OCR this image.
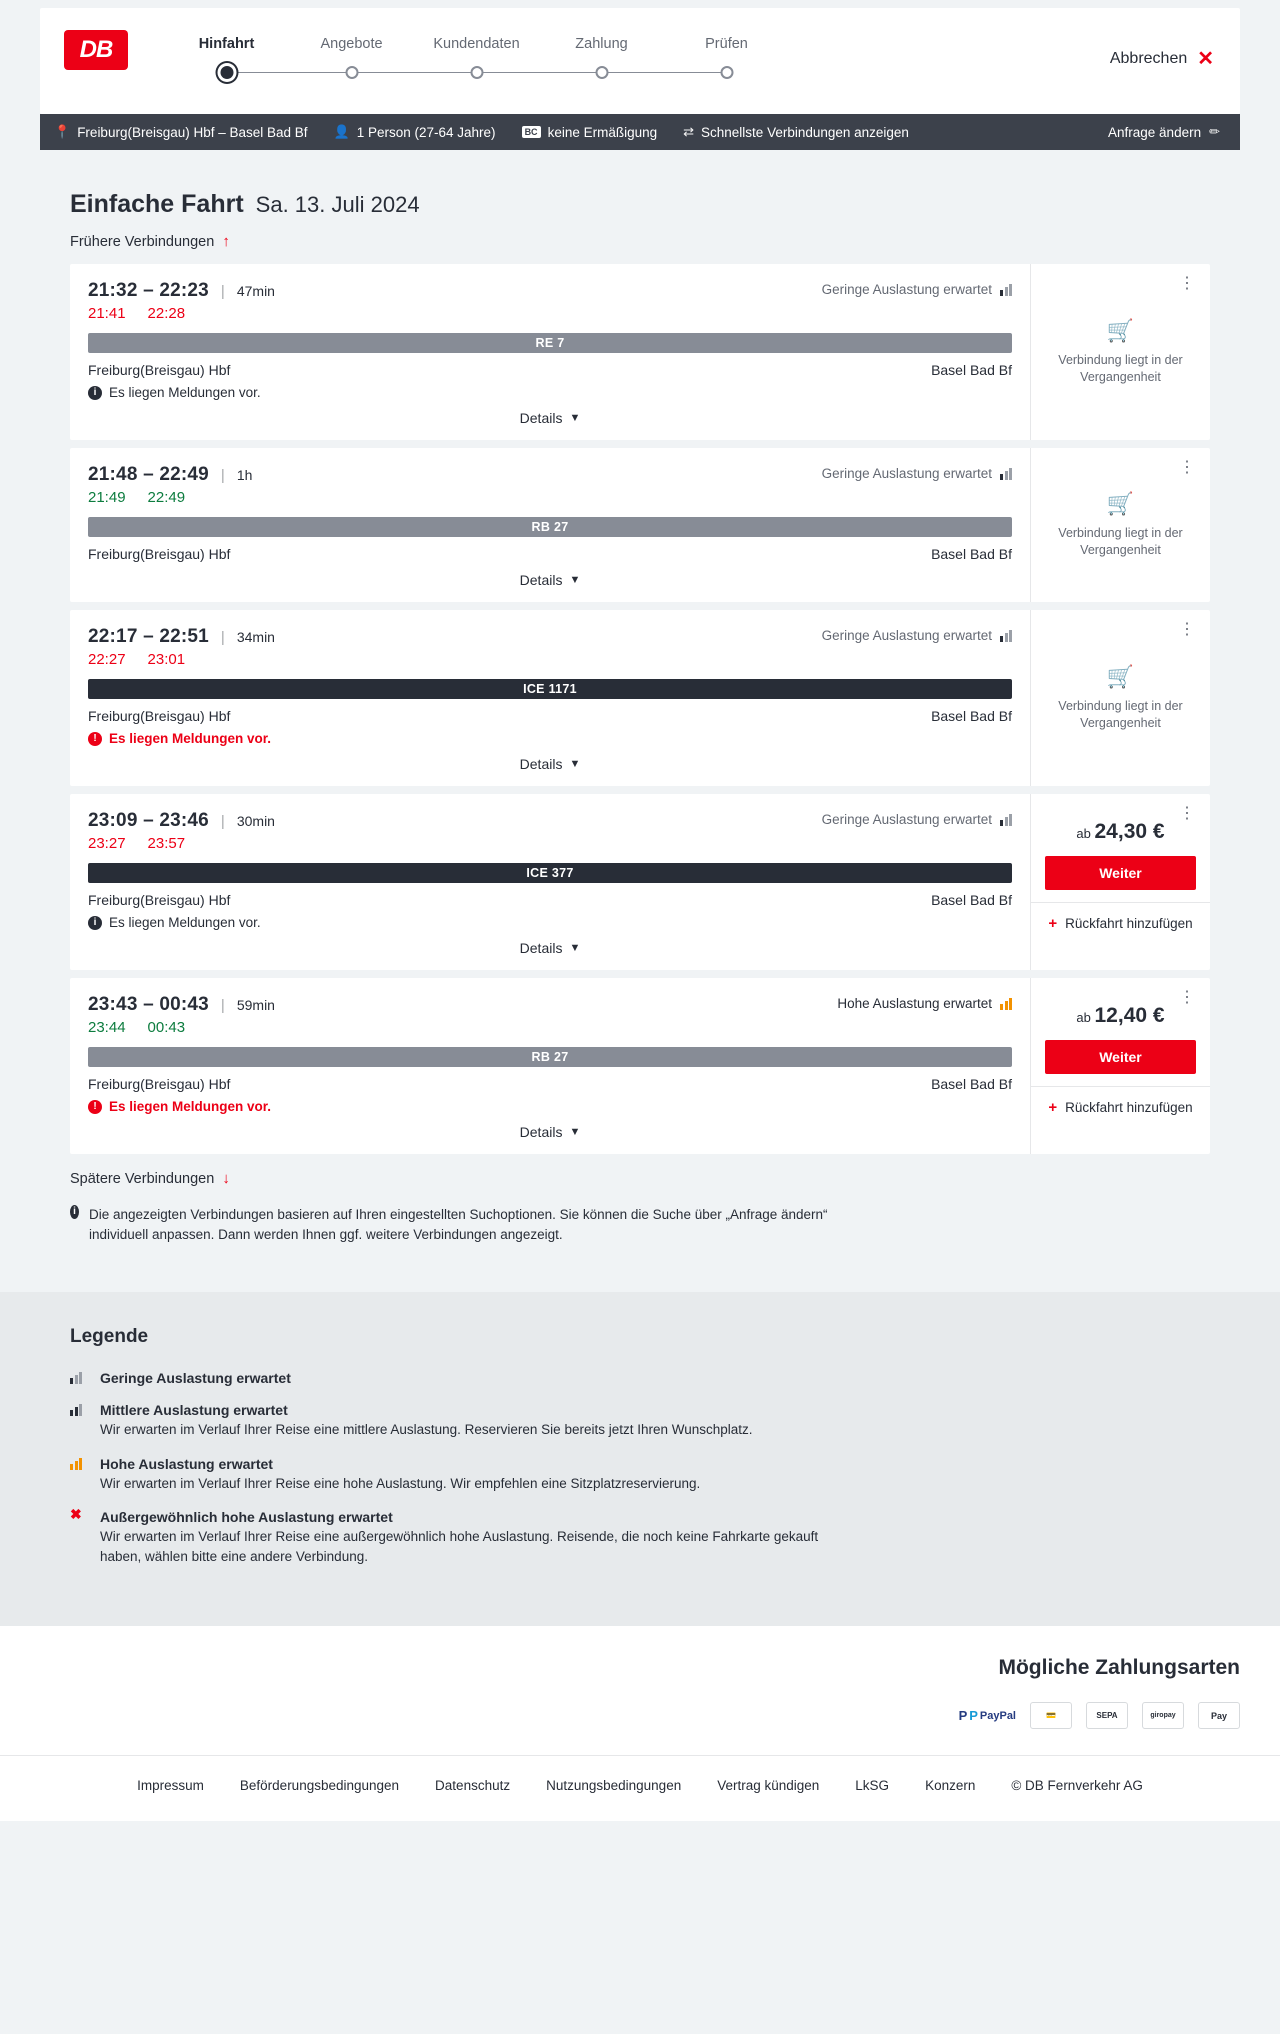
DB	Hinfahrt	Angebote	Kundendaten	Zahlung	Prüfen
Abbrechen ✕
📍 Freiburg(Breisgau) Hbf – Basel Bad Bf 👤 1 Person (27-64 Jahre)	BC keine Ermäßigung ⇄ Schnellste Verbindungen anzeigen	Anfrage ändern ✏
Einfache Fahrt Sa. 13. Juli 2024
Frühere Verbindungen ↑
21:32 – 22:23 | 47min	Geringe Auslastung erwartet
21:41 22:28
RE 7
Freiburg(Breisgau) Hbf	Basel Bad Bf
i Es liegen Meldungen vor.
Details ▼
⋮
🛒
Verbindung liegt in der Vergangenheit
21:48 – 22:49 | 1h	Geringe Auslastung erwartet
21:49 22:49
RB 27
Freiburg(Breisgau) Hbf	Basel Bad Bf
Details ▼
⋮
🛒
Verbindung liegt in der Vergangenheit
22:17 – 22:51 | 34min	Geringe Auslastung erwartet
22:27 23:01
ICE 1171
Freiburg(Breisgau) Hbf	Basel Bad Bf
! Es liegen Meldungen vor.
Details ▼
⋮
🛒
Verbindung liegt in der Vergangenheit
23:09 – 23:46 | 30min	Geringe Auslastung erwartet
23:27 23:57
ICE 377
Freiburg(Breisgau) Hbf	Basel Bad Bf
i Es liegen Meldungen vor.
Details ▼
⋮
ab 24,30 €
Weiter
+ Rückfahrt hinzufügen
23:43 – 00:43 | 59min	Hohe Auslastung erwartet
23:44 00:43
RB 27
Freiburg(Breisgau) Hbf	Basel Bad Bf
! Es liegen Meldungen vor.
Details ▼
⋮
ab 12,40 €
Weiter
+ Rückfahrt hinzufügen
Spätere Verbindungen ↓
i Die angezeigten Verbindungen basieren auf Ihren eingestellten Suchoptionen. Sie können die Suche über „Anfrage ändern“ individuell anpassen. Dann werden Ihnen ggf. weitere Verbindungen angezeigt.
Legende
Geringe Auslastung erwartet
Mittlere Auslastung erwartet
Wir erwarten im Verlauf Ihrer Reise eine mittlere Auslastung. Reservieren Sie bereits jetzt Ihren Wunschplatz.
Hohe Auslastung erwartet
Wir erwarten im Verlauf Ihrer Reise eine hohe Auslastung. Wir empfehlen eine Sitzplatzreservierung.
✖ Außergewöhnlich hohe Auslastung erwartet
Wir erwarten im Verlauf Ihrer Reise eine außergewöhnlich hohe Auslastung. Reisende, die noch keine Fahrkarte gekauft haben, wählen bitte eine andere Verbindung.
Mögliche Zahlungsarten
P P PayPal	💳	SEPA	giropay	Pay
Impressum	Beförderungsbedingungen	Datenschutz	Nutzungsbedingungen	Vertrag kündigen	LkSG	Konzern	© DB Fernverkehr AG
